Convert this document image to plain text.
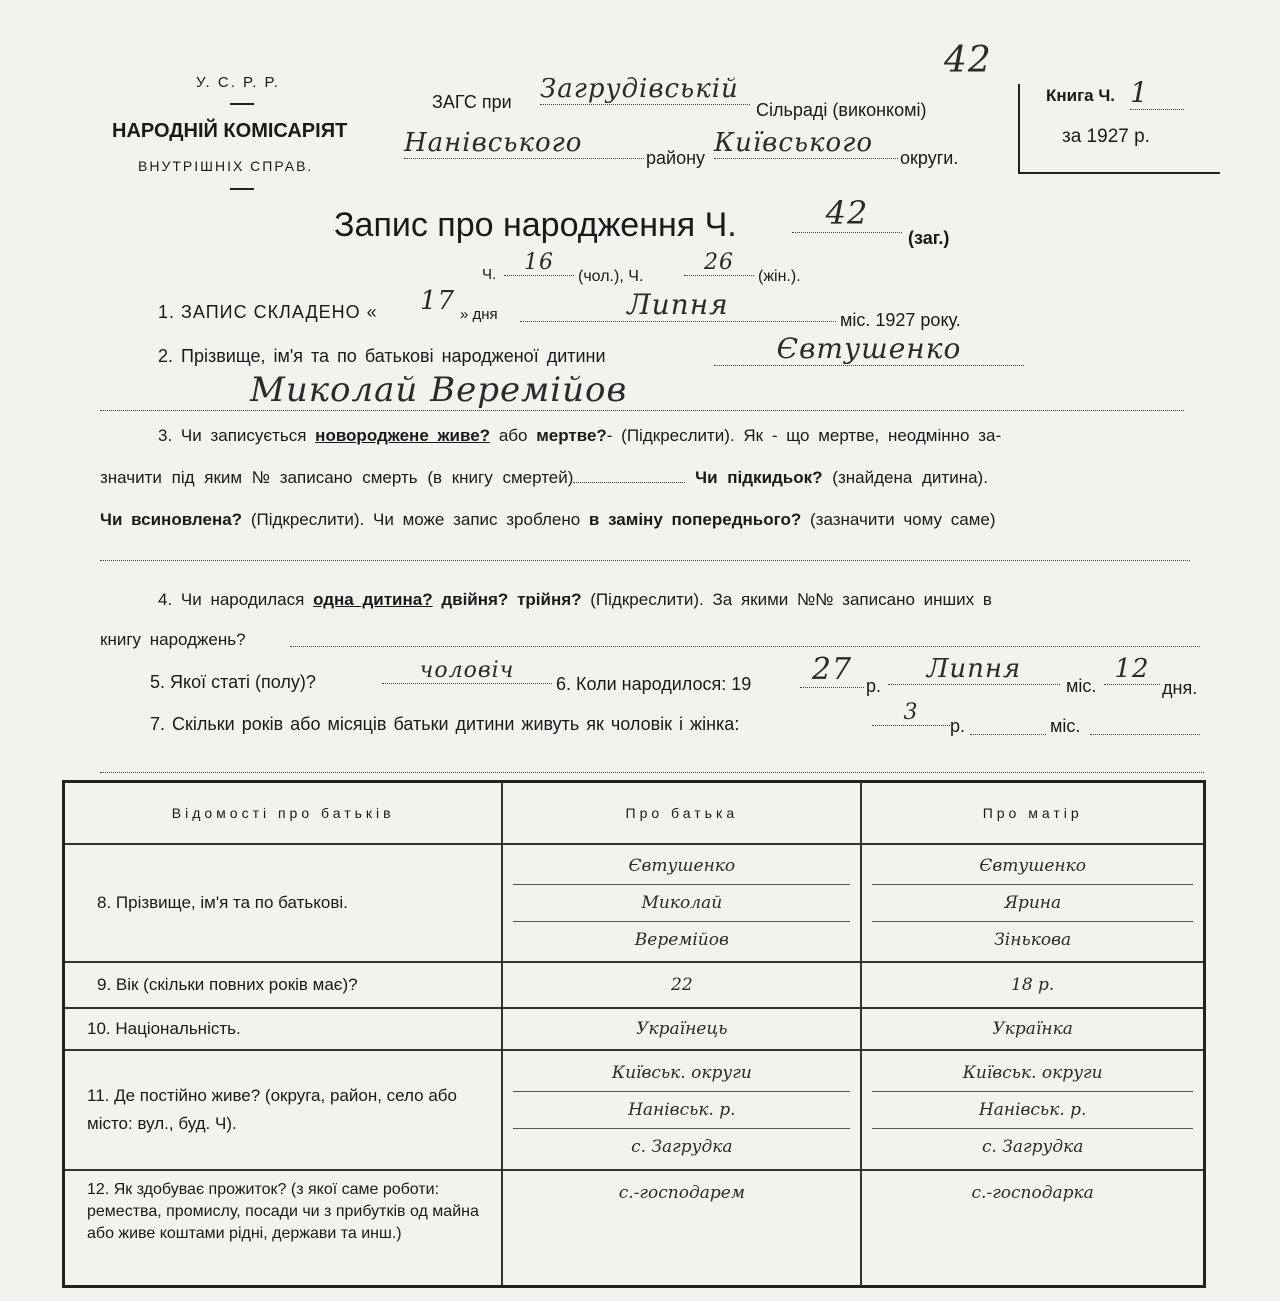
У. С. Р. Р.
НАРОДНІЙ КОМІСАРІЯТ
ВНУТРІШНІХ СПРАВ.
ЗАГС при Загрудівській
Сільраді (виконкомі)
Нанівського	району Київського	округи.
42
Книга Ч. 1
за 1927 р.
Запис про народження Ч.	42
(заг.)
Ч.	16
(чол.), Ч.
26
(жін.).
1. ЗАПИС СКЛАДЕНО « 17 » дня	Липня	міс. 1927 року.
2. Прізвище, ім'я та по батькові народженої дитини	Євтушенко
Миколай Веремійов
3. Чи записується новороджене живе? або мертве?- (Підкреслити). Як - що мертве, неодмінно за-
значити під яким № записано смерть (в книгу смертей)	Чи підкидьок? (знайдена дитина).
Чи всиновлена? (Підкреслити). Чи може запис зроблено в заміну попереднього? (зазначити чому саме)
4. Чи народилася одна дитина? двійня? трійня? (Підкреслити). За якими №№ записано инших в
книгу народжень?
5. Якої статі (полу)?	чоловіч
6. Коли народилося: 19	27 р.
Липня
міс.
12
дня.
7. Скільки років або місяців батьки дитини живуть як чоловік і жінка:	3
р.	міс.
Відомості про батьків	Про батька	Про матір
8. Прізвище, ім'я та по батькові.	Євтушенко
Миколай
Веремійов	Євтушенко
Ярина
Зінькова

9. Вік (скільки повних років має)?	22	18 р.
10. Національність.	Українець	Українка
11. Де постійно живе? (округа, район, село або місто: вул., буд. Ч).	Київськ. округи
Нанівськ. р.
с. Загрудка	Київськ. округи
Нанівськ. р.
с. Загрудка

12. Як здобуває прожиток? (з якої саме роботи: ремества, промислу, посади чи з прибутків од майна або живе коштами рідні, держави та инш.)	с.-господарем	с.-господарка
